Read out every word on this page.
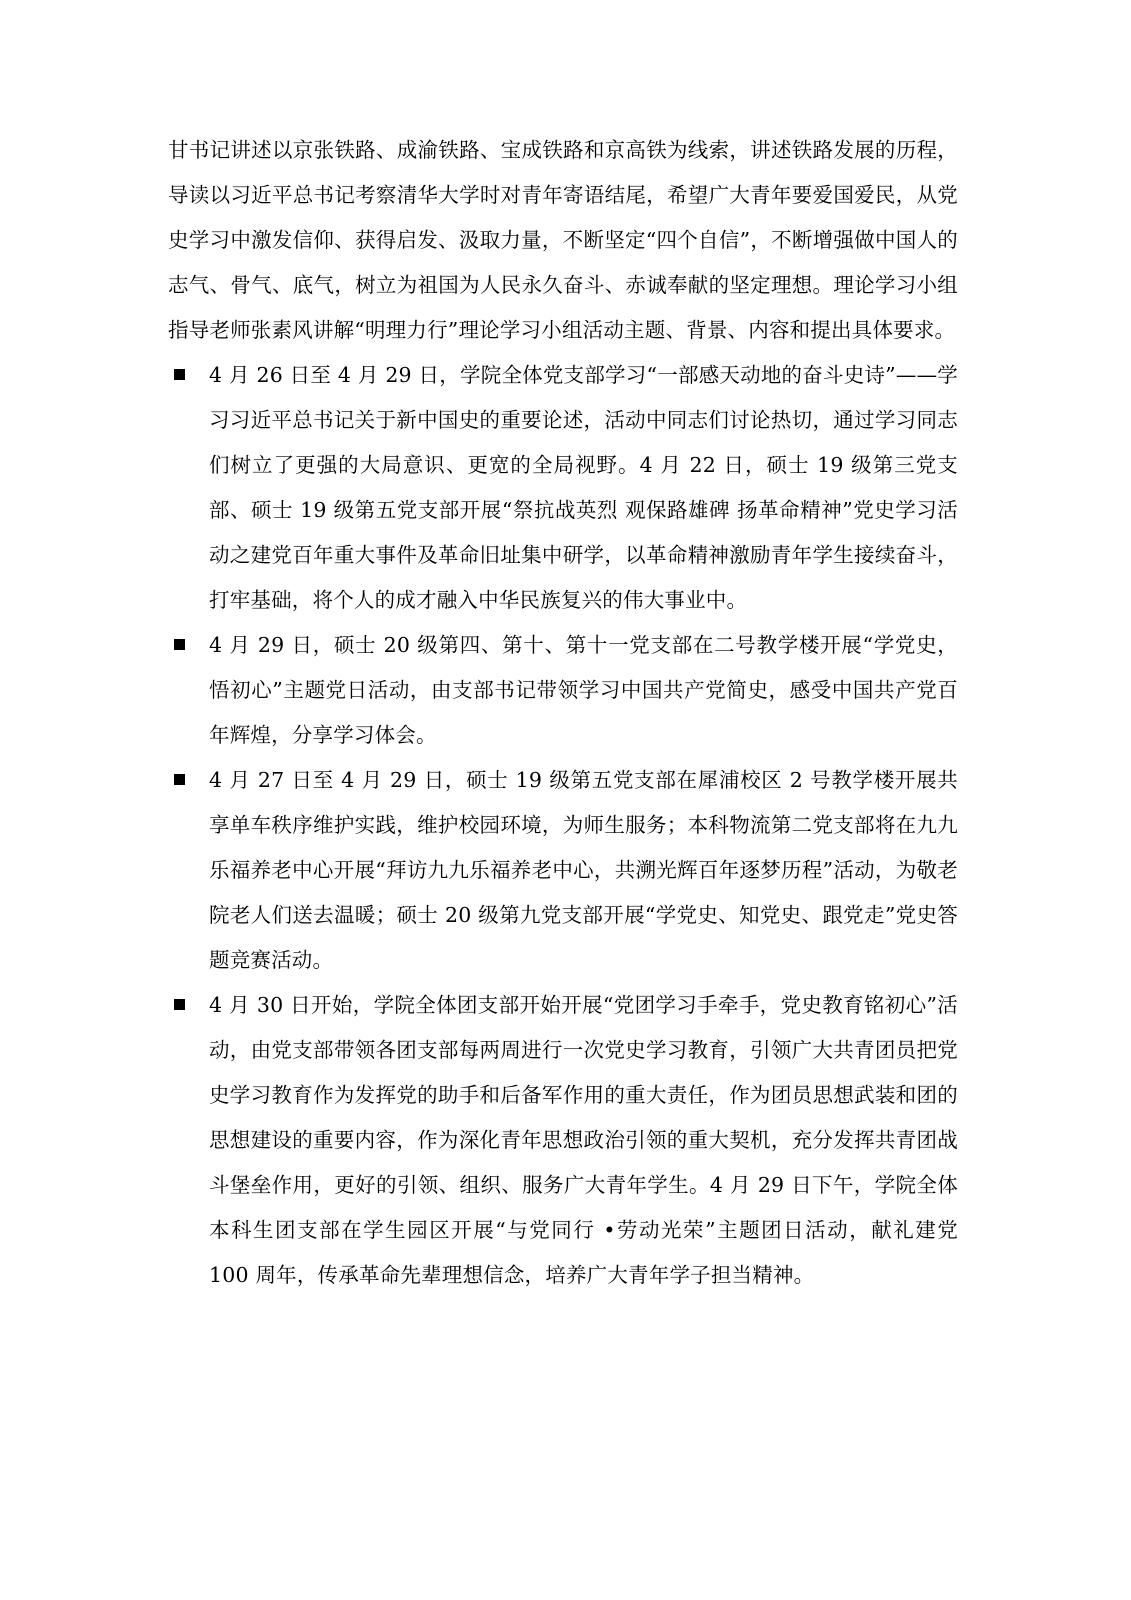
甘书记讲述以京张铁路、成渝铁路、宝成铁路和京高铁为线索，讲述铁路发展的历程，导读以习近平总书记考察清华大学时对青年寄语结尾，希望广大青年要爱国爱民，从党史学习中激发信仰、获得启发、汲取力量，不断坚定“四个自信”，不断增强做中国人的志气、骨气、底气，树立为祖国为人民永久奋斗、赤诚奉献的坚定理想。理论学习小组指导老师张素风讲解“明理力行”理论学习小组活动主题、背景、内容和提出具体要求。

4 月 26 日至 4 月 29 日，学院全体党支部学习“一部感天动地的奋斗史诗”——学习习近平总书记关于新中国史的重要论述，活动中同志们讨论热切，通过学习同志们树立了更强的大局意识、更宽的全局视野。4 月 22 日，硕士 19 级第三党支部、硕士 19 级第五党支部开展“祭抗战英烈 观保路雄碑 扬革命精神”党史学习活动之建党百年重大事件及革命旧址集中研学，以革命精神激励青年学生接续奋斗，打牢基础，将个人的成才融入中华民族复兴的伟大事业中。

4 月 29 日，硕士 20 级第四、第十、第十一党支部在二号教学楼开展“学党史，悟初心”主题党日活动，由支部书记带领学习中国共产党简史，感受中国共产党百年辉煌，分享学习体会。

4 月 27 日至 4 月 29 日，硕士 19 级第五党支部在犀浦校区 2 号教学楼开展共享单车秩序维护实践，维护校园环境，为师生服务；本科物流第二党支部将在九九乐福养老中心开展“拜访九九乐福养老中心，共溯光辉百年逐梦历程”活动，为敬老院老人们送去温暖；硕士 20 级第九党支部开展“学党史、知党史、跟党走”党史答题竞赛活动。

4 月 30 日开始，学院全体团支部开始开展“党团学习手牵手，党史教育铭初心”活动，由党支部带领各团支部每两周进行一次党史学习教育，引领广大共青团员把党史学习教育作为发挥党的助手和后备军作用的重大责任，作为团员思想武装和团的思想建设的重要内容，作为深化青年思想政治引领的重大契机，充分发挥共青团战斗堡垒作用，更好的引领、组织、服务广大青年学生。4 月 29 日下午，学院全体本科生团支部在学生园区开展“与党同行 •劳动光荣”主题团日活动，献礼建党 100 周年，传承革命先辈理想信念，培养广大青年学子担当精神。
